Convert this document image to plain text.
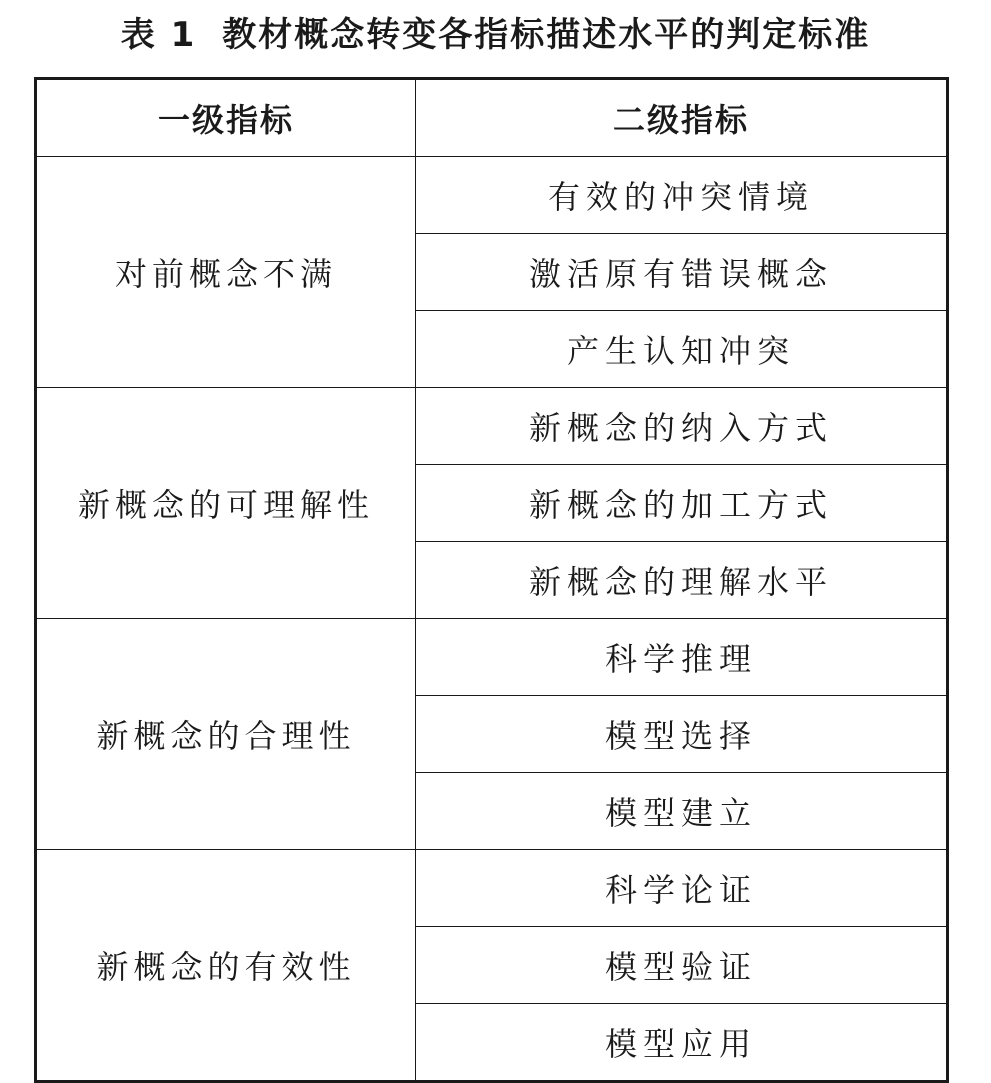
表 1 教材概念转变各指标描述水平的判定标准
一级指标	二级指标
对前概念不满	有效的冲突情境
	激活原有错误概念
	产生认知冲突
新概念的可理解性	新概念的纳入方式
	新概念的加工方式
	新概念的理解水平
新概念的合理性	科学推理
	模型选择
	模型建立
新概念的有效性	科学论证
	模型验证
	模型应用
